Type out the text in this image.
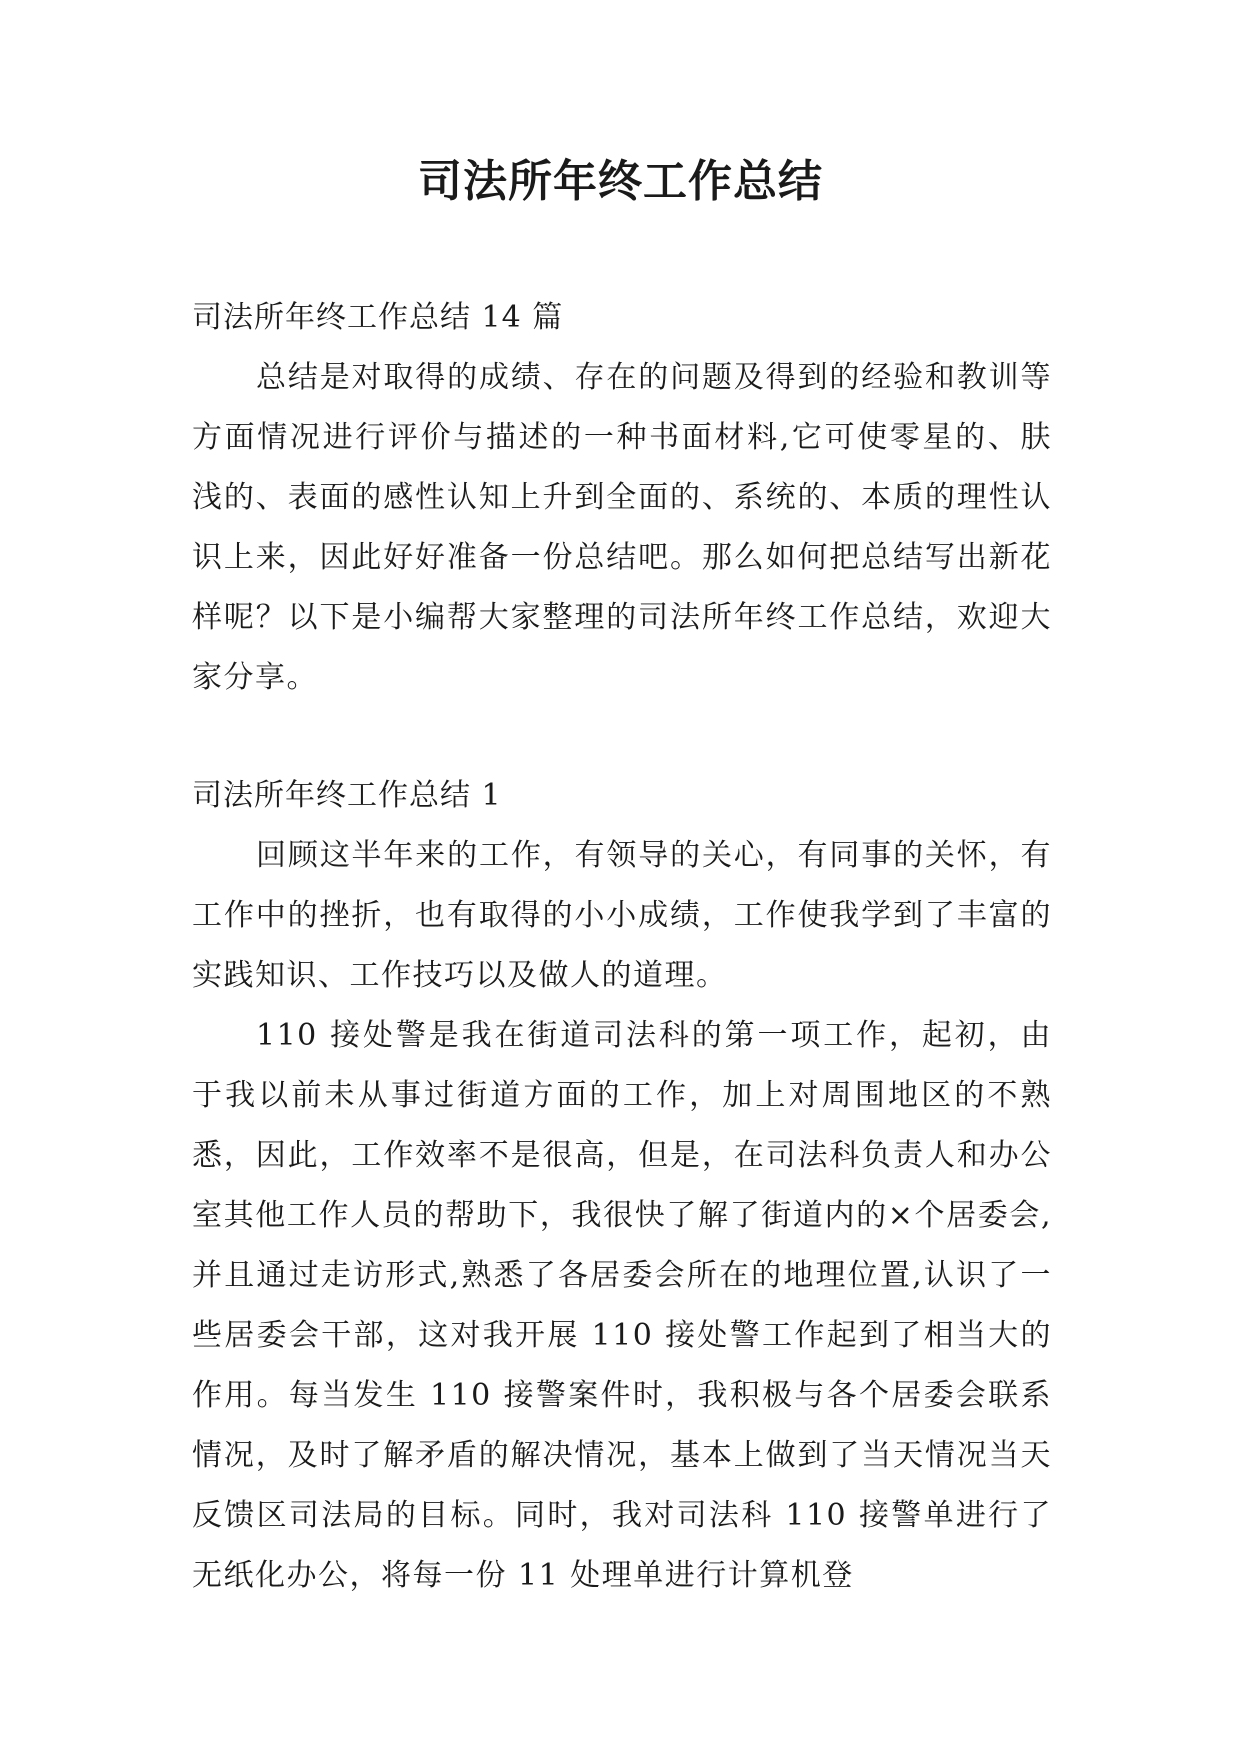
司法所年终工作总结

司法所年终工作总结 14 篇

总结是对取得的成绩、存在的问题及得到的经验和教训等方面情况进行评价与描述的一种书面材料,它可使零星的、肤浅的、表面的感性认知上升到全面的、系统的、本质的理性认识上来，因此好好准备一份总结吧。那么如何把总结写出新花样呢？以下是小编帮大家整理的司法所年终工作总结，欢迎大家分享。

司法所年终工作总结 1

回顾这半年来的工作，有领导的关心，有同事的关怀，有工作中的挫折，也有取得的小小成绩，工作使我学到了丰富的实践知识、工作技巧以及做人的道理。

110 接处警是我在街道司法科的第一项工作，起初，由于我以前未从事过街道方面的工作，加上对周围地区的不熟悉，因此，工作效率不是很高，但是，在司法科负责人和办公室其他工作人员的帮助下，我很快了解了街道内的×个居委会,并且通过走访形式,熟悉了各居委会所在的地理位置,认识了一些居委会干部，这对我开展 110 接处警工作起到了相当大的作用。每当发生 110 接警案件时，我积极与各个居委会联系情况，及时了解矛盾的解决情况，基本上做到了当天情况当天反馈区司法局的目标。同时，我对司法科 110 接警单进行了无纸化办公，将每一份 11 处理单进行计算机登
